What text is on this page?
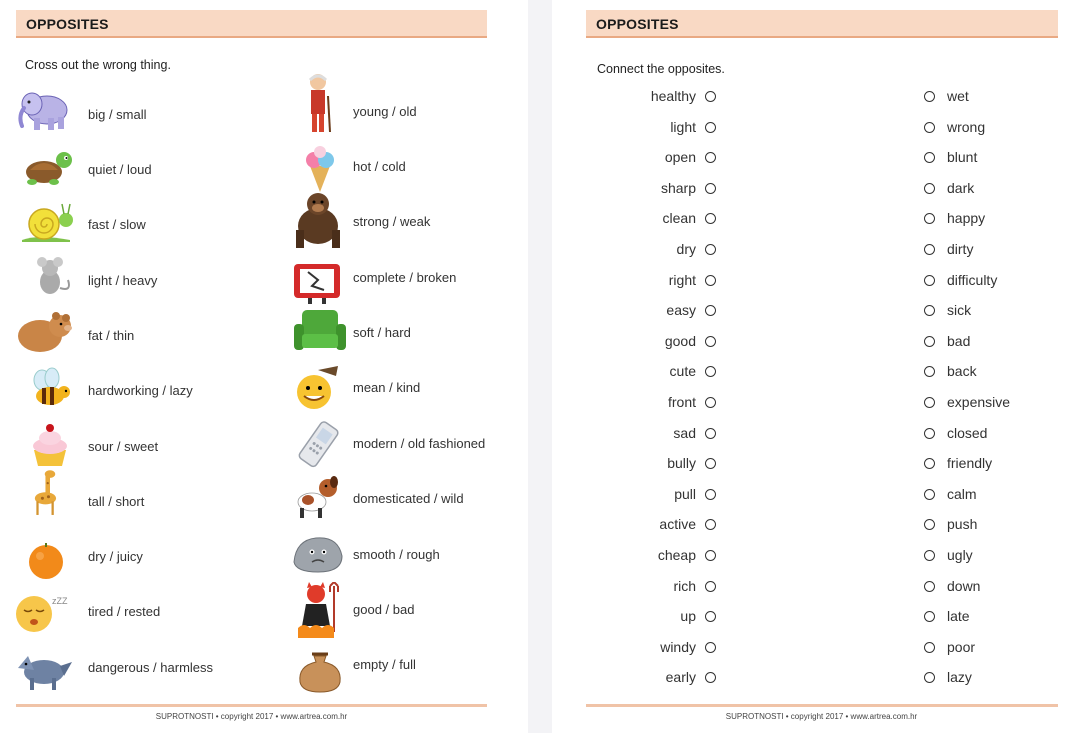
OPPOSITES
Cross out the wrong thing.
zZZ
big / small
quiet / loud
fast / slow
light / heavy
fat / thin
hardworking / lazy
sour / sweet
tall / short
dry / juicy
tired / rested
dangerous / harmless
young / old
hot / cold
strong / weak
complete / broken
soft / hard
mean / kind
modern / old fashioned
domesticated / wild
smooth / rough
good / bad
empty / full
SUPROTNOSTI • copyright 2017 • www.artrea.com.hr
OPPOSITES
Connect the opposites.
healthy	wet
light	wrong
open	blunt
sharp	dark
clean	happy
dry	dirty
right	difficulty
easy	sick
good	bad
cute	back
front	expensive
sad	closed
bully	friendly
pull	calm
active	push
cheap	ugly
rich	down
up	late
windy	poor
early	lazy
SUPROTNOSTI • copyright 2017 • www.artrea.com.hr
